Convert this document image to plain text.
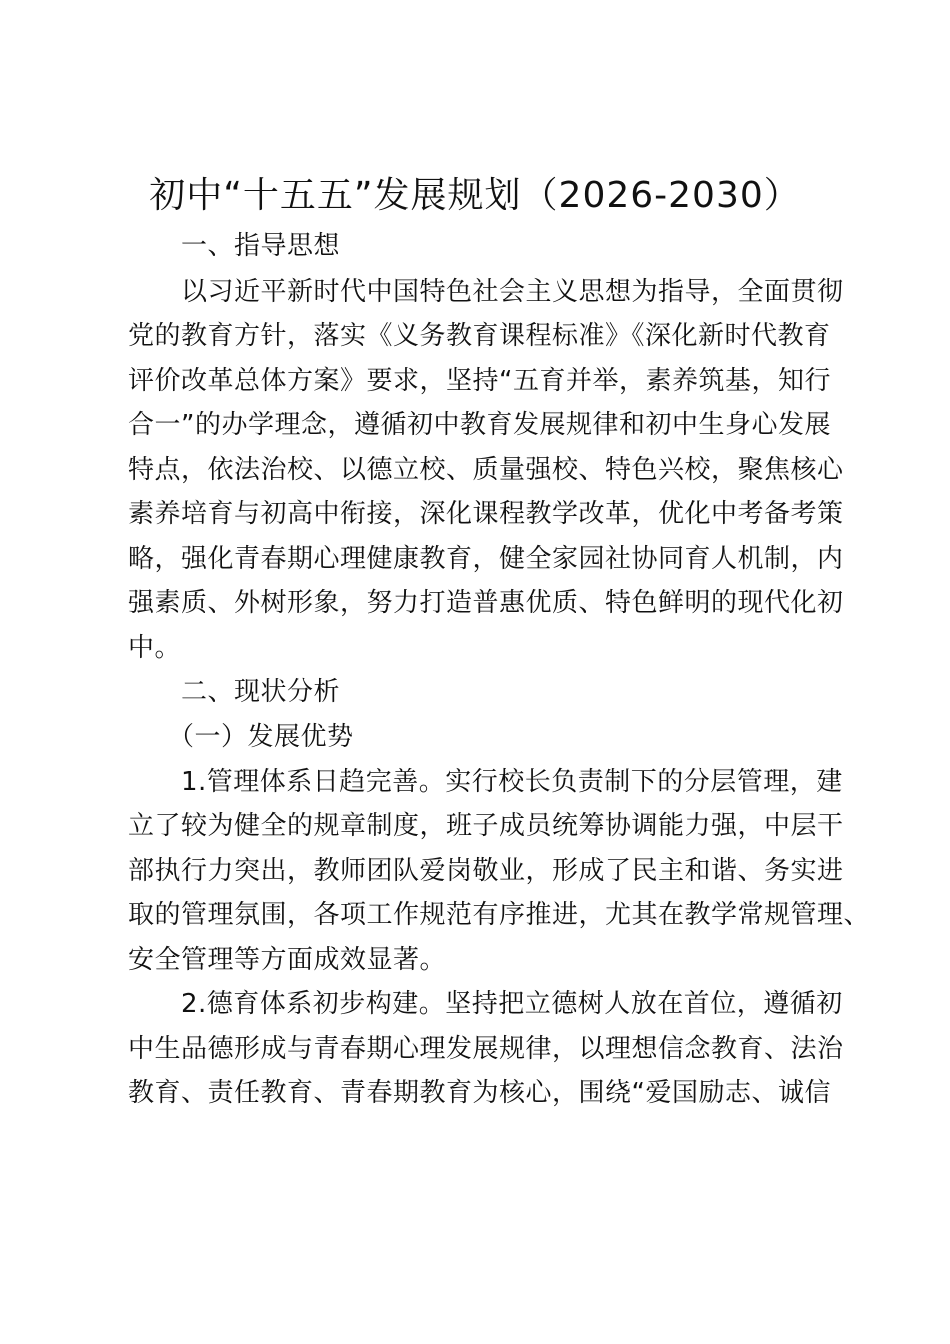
初中“十五五”发展规划（2026-2030）
　　一、指导思想
　　以习近平新时代中国特色社会主义思想为指导，全面贯彻
党的教育方针，落实《义务教育课程标准》《深化新时代教育
评价改革总体方案》要求，坚持“五育并举，素养筑基，知行
合一”的办学理念，遵循初中教育发展规律和初中生身心发展
特点，依法治校、以德立校、质量强校、特色兴校，聚焦核心
素养培育与初高中衔接，深化课程教学改革，优化中考备考策
略，强化青春期心理健康教育，健全家园社协同育人机制，内
强素质、外树形象，努力打造普惠优质、特色鲜明的现代化初
中。
　　二、现状分析
　　（一）发展优势
　　1.管理体系日趋完善。实行校长负责制下的分层管理，建
立了较为健全的规章制度，班子成员统筹协调能力强，中层干
部执行力突出，教师团队爱岗敬业，形成了民主和谐、务实进
取的管理氛围，各项工作规范有序推进，尤其在教学常规管理、
安全管理等方面成效显著。
　　2.德育体系初步构建。坚持把立德树人放在首位，遵循初
中生品德形成与青春期心理发展规律，以理想信念教育、法治
教育、责任教育、青春期教育为核心，围绕“爱国励志、诚信
